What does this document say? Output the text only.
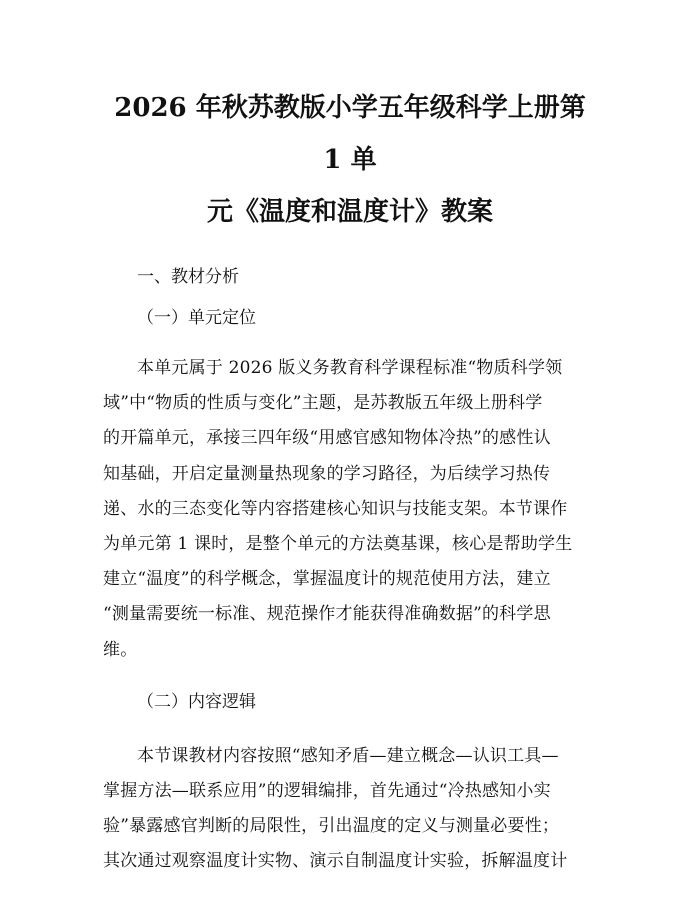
2026 年秋苏教版小学五年级科学上册第 1 单
元《温度和温度计》教案

一、教材分析

（一）单元定位

本单元属于 2026 版义务教育科学课程标准“物质科学领
域”中“物质的性质与变化”主题，是苏教版五年级上册科学
的开篇单元，承接三四年级“用感官感知物体冷热”的感性认
知基础，开启定量测量热现象的学习路径，为后续学习热传
递、水的三态变化等内容搭建核心知识与技能支架。本节课作
为单元第 1 课时，是整个单元的方法奠基课，核心是帮助学生
建立“温度”的科学概念，掌握温度计的规范使用方法，建立
“测量需要统一标准、规范操作才能获得准确数据”的科学思
维。

（二）内容逻辑

本节课教材内容按照“感知矛盾—建立概念—认识工具—
掌握方法—联系应用”的逻辑编排，首先通过“冷热感知小实
验”暴露感官判断的局限性，引出温度的定义与测量必要性；
其次通过观察温度计实物、演示自制温度计实验，拆解温度计
